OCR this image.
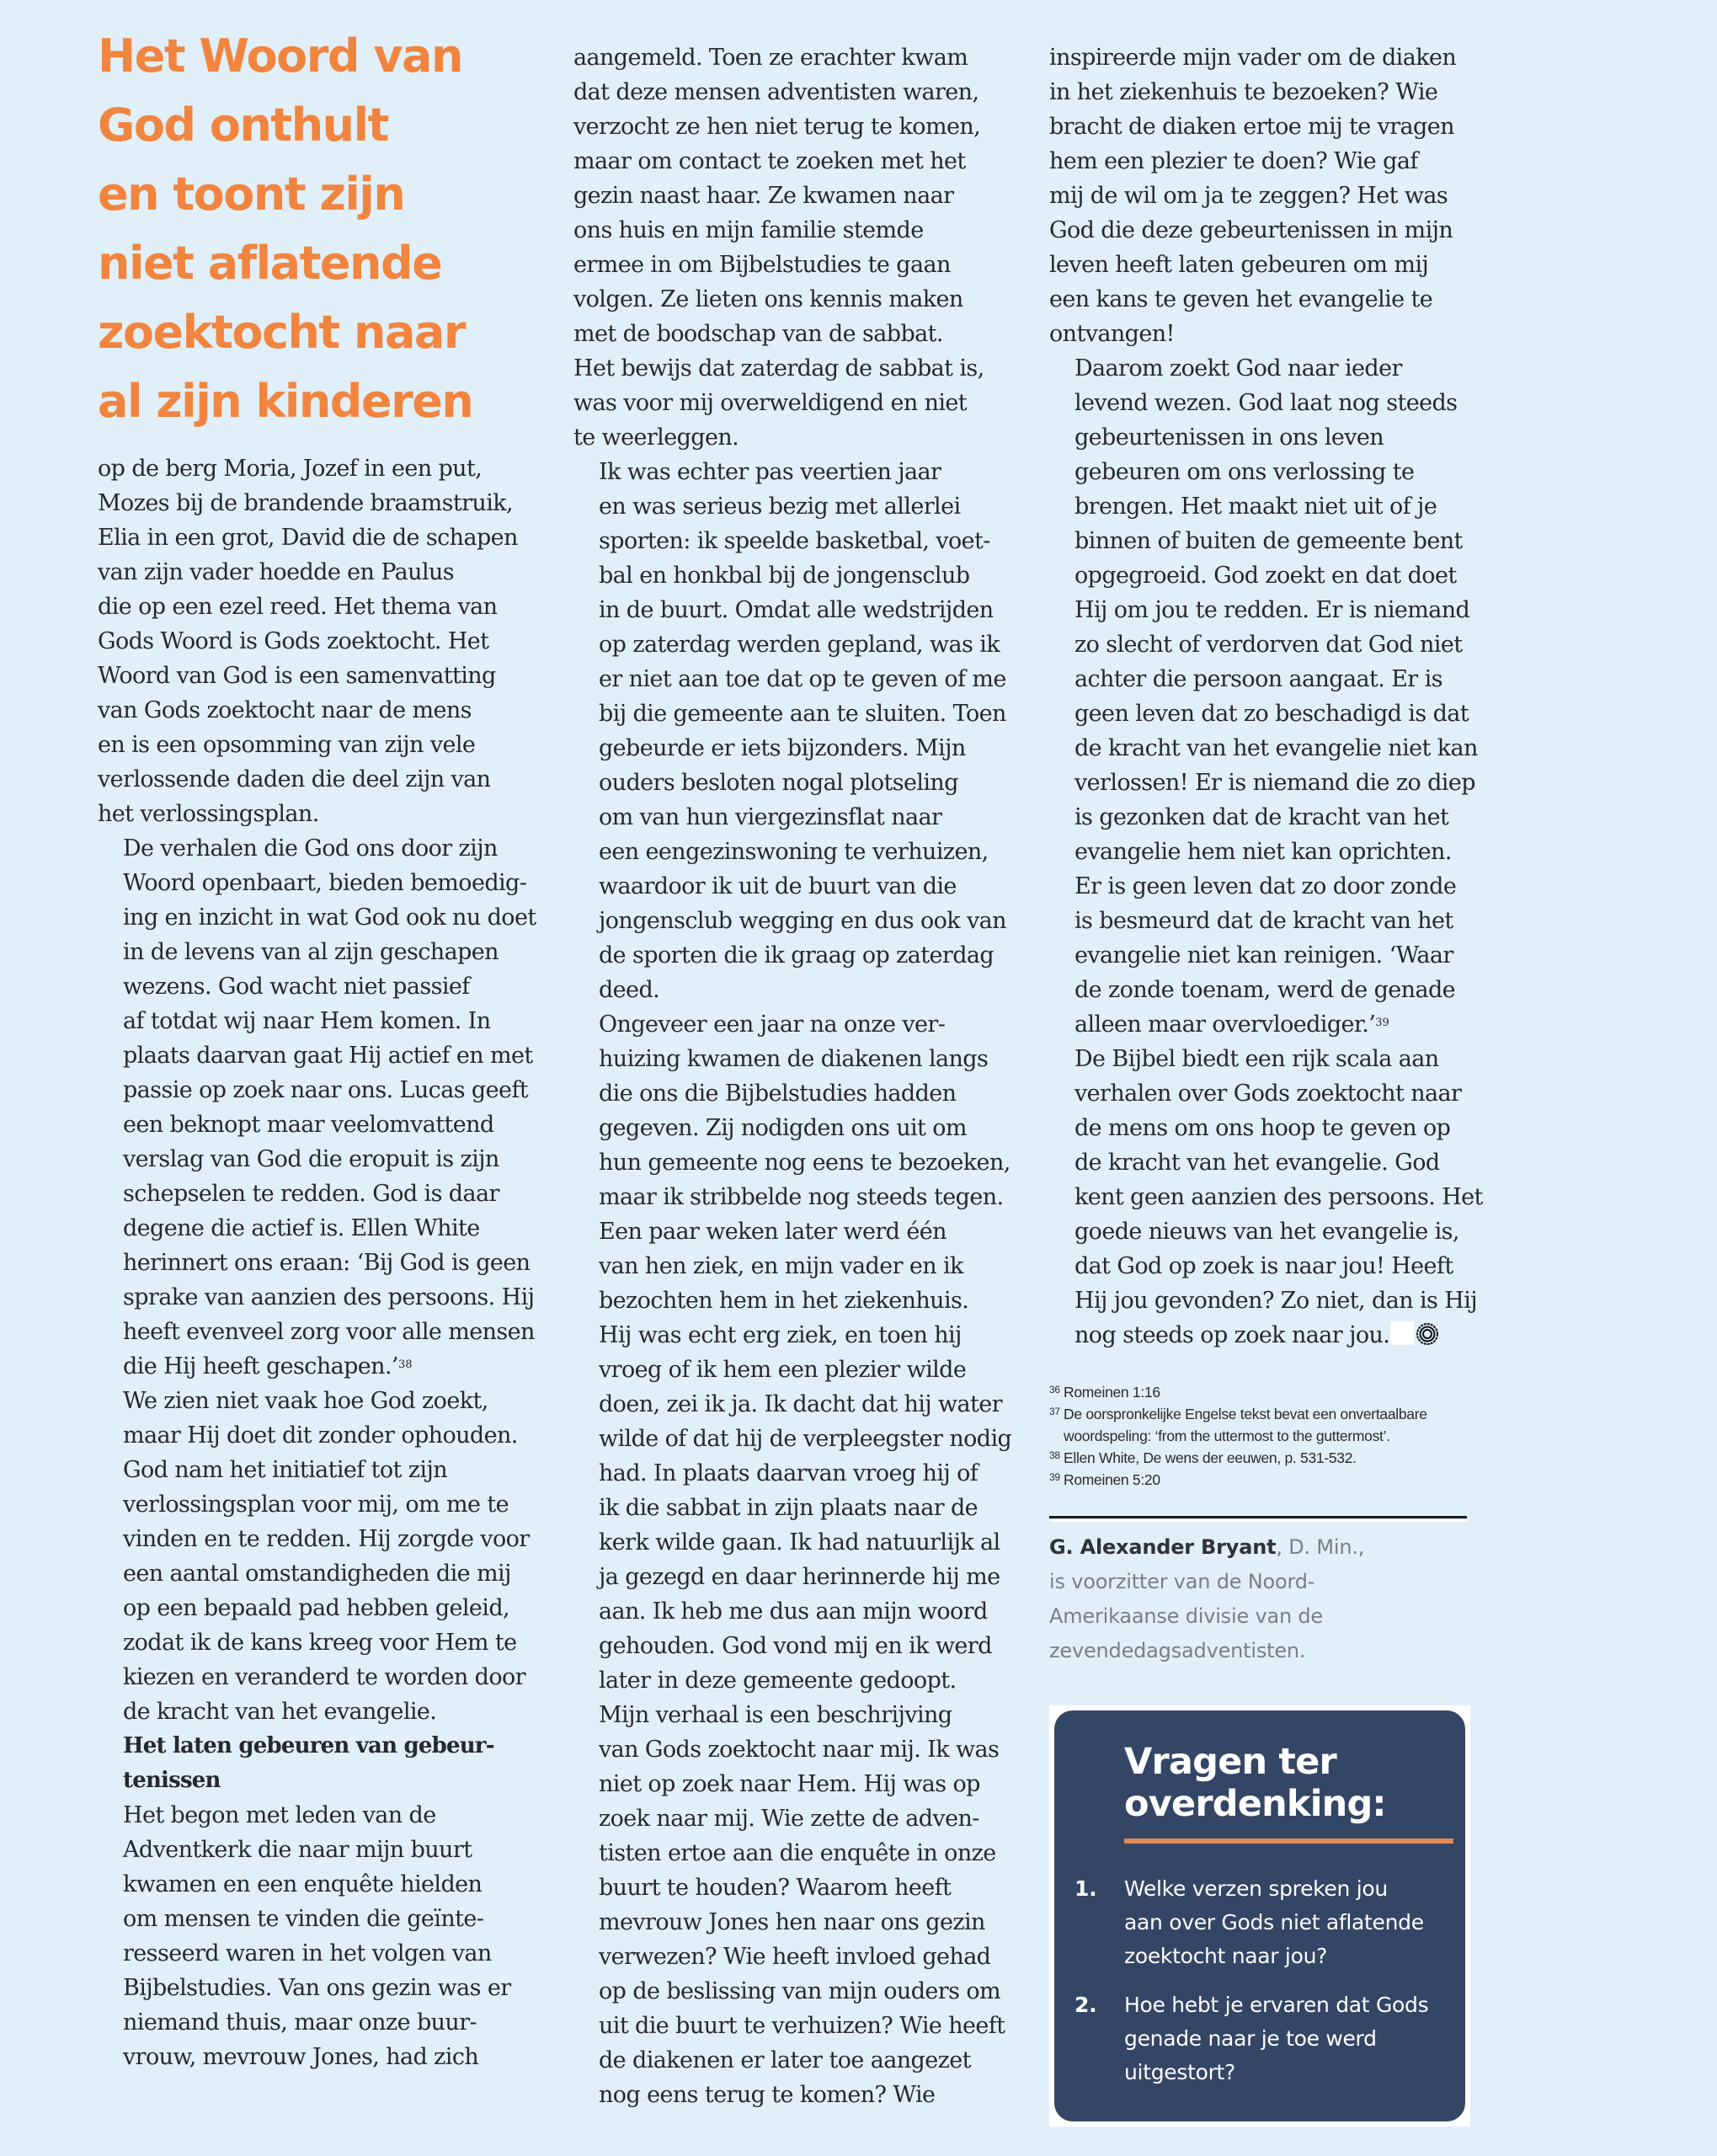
Het Woord van
God onthult
en toont zijn
niet aflatende
zoektocht naar
al zijn kinderen

op de berg Moria, Jozef in een put,
Mozes bij de brandende braamstruik,
Elia in een grot, David die de schapen
van zijn vader hoedde en Paulus
die op een ezel reed. Het thema van
Gods Woord is Gods zoektocht. Het
Woord van God is een samenvatting
van Gods zoektocht naar de mens
en is een opsomming van zijn vele
verlossende daden die deel zijn van
het verlossingsplan.

De verhalen die God ons door zijn
Woord openbaart, bieden bemoedig-
ing en inzicht in wat God ook nu doet
in de levens van al zijn geschapen
wezens. God wacht niet passief
af totdat wij naar Hem komen. In
plaats daarvan gaat Hij actief en met
passie op zoek naar ons. Lucas geeft
een beknopt maar veelomvattend
verslag van God die eropuit is zijn
schepselen te redden. God is daar
degene die actief is. Ellen White
herinnert ons eraan: ‘Bij God is geen
sprake van aanzien des persoons. Hij
heeft evenveel zorg voor alle mensen
die Hij heeft geschapen.’$^{38}$

We zien niet vaak hoe God zoekt,
maar Hij doet dit zonder ophouden.
God nam het initiatief tot zijn
verlossingsplan voor mij, om me te
vinden en te redden. Hij zorgde voor
een aantal omstandigheden die mij
op een bepaald pad hebben geleid,
zodat ik de kans kreeg voor Hem te
kiezen en veranderd te worden door
de kracht van het evangelie.

Het laten gebeuren van gebeur-
tenissen

Het begon met leden van de
Adventkerk die naar mijn buurt
kwamen en een enquête hielden
om mensen te vinden die geïnte-
resseerd waren in het volgen van
Bijbelstudies. Van ons gezin was er
niemand thuis, maar onze buur-
vrouw, mevrouw Jones, had zich

aangemeld. Toen ze erachter kwam
dat deze mensen adventisten waren,
verzocht ze hen niet terug te komen,
maar om contact te zoeken met het
gezin naast haar. Ze kwamen naar
ons huis en mijn familie stemde
ermee in om Bijbelstudies te gaan
volgen. Ze lieten ons kennis maken
met de boodschap van de sabbat.
Het bewijs dat zaterdag de sabbat is,
was voor mij overweldigend en niet
te weerleggen.

Ik was echter pas veertien jaar
en was serieus bezig met allerlei
sporten: ik speelde basketbal, voet-
bal en honkbal bij de jongensclub
in de buurt. Omdat alle wedstrijden
op zaterdag werden gepland, was ik
er niet aan toe dat op te geven of me
bij die gemeente aan te sluiten. Toen
gebeurde er iets bijzonders. Mijn
ouders besloten nogal plotseling
om van hun viergezinsflat naar
een eengezinswoning te verhuizen,
waardoor ik uit de buurt van die
jongensclub wegging en dus ook van
de sporten die ik graag op zaterdag
deed.

Ongeveer een jaar na onze ver-
huizing kwamen de diakenen langs
die ons die Bijbelstudies hadden
gegeven. Zij nodigden ons uit om
hun gemeente nog eens te bezoeken,
maar ik stribbelde nog steeds tegen.
Een paar weken later werd één
van hen ziek, en mijn vader en ik
bezochten hem in het ziekenhuis.
Hij was echt erg ziek, en toen hij
vroeg of ik hem een plezier wilde
doen, zei ik ja. Ik dacht dat hij water
wilde of dat hij de verpleegster nodig
had. In plaats daarvan vroeg hij of
ik die sabbat in zijn plaats naar de
kerk wilde gaan. Ik had natuurlijk al
ja gezegd en daar herinnerde hij me
aan. Ik heb me dus aan mijn woord
gehouden. God vond mij en ik werd
later in deze gemeente gedoopt.

Mijn verhaal is een beschrijving
van Gods zoektocht naar mij. Ik was
niet op zoek naar Hem. Hij was op
zoek naar mij. Wie zette de adven-
tisten ertoe aan die enquête in onze
buurt te houden? Waarom heeft
mevrouw Jones hen naar ons gezin
verwezen? Wie heeft invloed gehad
op de beslissing van mijn ouders om
uit die buurt te verhuizen? Wie heeft
de diakenen er later toe aangezet
nog eens terug te komen? Wie

inspireerde mijn vader om de diaken
in het ziekenhuis te bezoeken? Wie
bracht de diaken ertoe mij te vragen
hem een plezier te doen? Wie gaf
mij de wil om ja te zeggen? Het was
God die deze gebeurtenissen in mijn
leven heeft laten gebeuren om mij
een kans te geven het evangelie te
ontvangen!

Daarom zoekt God naar ieder
levend wezen. God laat nog steeds
gebeurtenissen in ons leven
gebeuren om ons verlossing te
brengen. Het maakt niet uit of je
binnen of buiten de gemeente bent
opgegroeid. God zoekt en dat doet
Hij om jou te redden. Er is niemand
zo slecht of verdorven dat God niet
achter die persoon aangaat. Er is
geen leven dat zo beschadigd is dat
de kracht van het evangelie niet kan
verlossen! Er is niemand die zo diep
is gezonken dat de kracht van het
evangelie hem niet kan oprichten.
Er is geen leven dat zo door zonde
is besmeurd dat de kracht van het
evangelie niet kan reinigen. ‘Waar
de zonde toenam, werd de genade
alleen maar overvloediger.’$^{39}$

De Bijbel biedt een rijk scala aan
verhalen over Gods zoektocht naar
de mens om ons hoop te geven op
de kracht van het evangelie. God
kent geen aanzien des persoons. Het
goede nieuws van het evangelie is,
dat God op zoek is naar jou! Heeft
Hij jou gevonden? Zo niet, dan is Hij
nog steeds op zoek naar jou.

36 Romeinen 1:16
37 De oorspronkelijke Engelse tekst bevat een onvertaalbare woordspeling: ‘from the uttermost to the guttermost’.
38 Ellen White, De wens der eeuwen, p. 531-532.
39 Romeinen 5:20
G. Alexander Bryant, D. Min.,
is voorzitter van de Noord-
Amerikaanse divisie van de
zevendedagsadventisten.
Vragen ter
overdenking:
1.	Welke verzen spreken jou
aan over Gods niet aflatende
zoektocht naar jou?
2.	Hoe hebt je ervaren dat Gods
genade naar je toe werd
uitgestort?
